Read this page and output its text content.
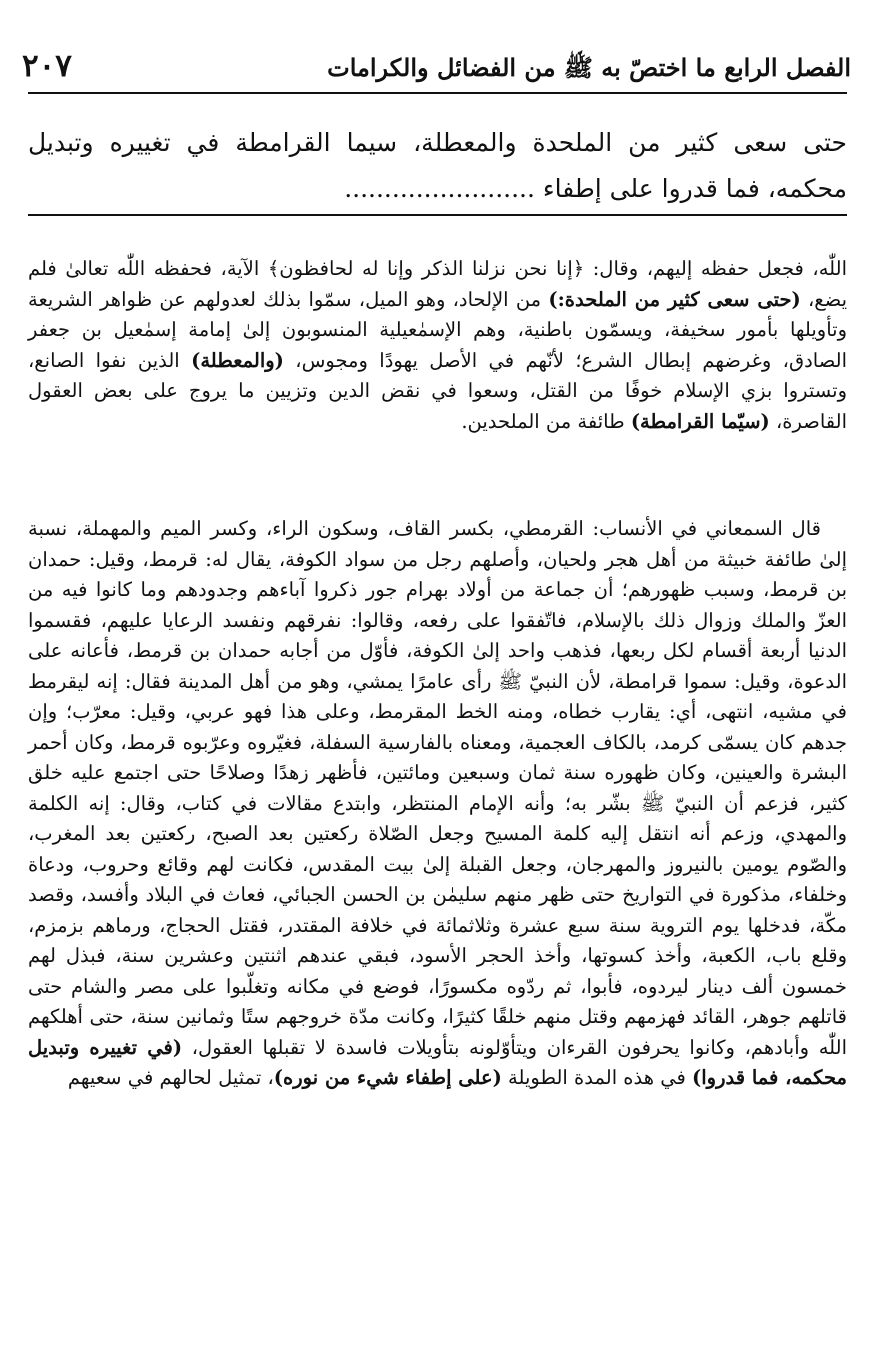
٢٠٧	الفصل الرابع ما اختصّ به ﷺ من الفضائل والكرامات

حتى سعى كثير من الملحدة والمعطلة، سيما القرامطة في تغييره وتبديل محكمه، فما قدروا على إطفاء ........................

اللّٰه، فجعل حفظه إليهم، وقال: ﴿إنا نحن نزلنا الذكر وإنا له لحافظون﴾ الآية، فحفظه اللّٰه تعالىٰ فلم يضع، (حتى سعى كثير من الملحدة:) من الإلحاد، وهو الميل، سمّوا بذلك لعدولهم عن ظواهر الشريعة وتأويلها بأمور سخيفة، ويسمّون باطنية، وهم الإسمٰعيلية المنسوبون إلىٰ إمامة إسمٰعيل بن جعفر الصادق، وغرضهم إبطال الشرع؛ لأنّهم في الأصل يهودًا ومجوس، (والمعطلة) الذين نفوا الصانع، وتستروا بزي الإسلام خوفًا من القتل، وسعوا في نقض الدين وتزيين ما يروج على بعض العقول القاصرة، (سيّما القرامطة) طائفة من الملحدين.

قال السمعاني في الأنساب: القرمطي، بكسر القاف، وسكون الراء، وكسر الميم والمهملة، نسبة إلىٰ طائفة خبيثة من أهل هجر ولحيان، وأصلهم رجل من سواد الكوفة، يقال له: قرمط، وقيل: حمدان بن قرمط، وسبب ظهورهم؛ أن جماعة من أولاد بهرام جور ذكروا آباءهم وجدودهم وما كانوا فيه من العزّ والملك وزوال ذلك بالإسلام، فاتّفقوا على رفعه، وقالوا: نفرقهم ونفسد الرعايا عليهم، فقسموا الدنيا أربعة أقسام لكل ربعها، فذهب واحد إلىٰ الكوفة، فأوّل من أجابه حمدان بن قرمط، فأعانه على الدعوة، وقيل: سموا قرامطة، لأن النبيّ ﷺ رأى عامرًا يمشي، وهو من أهل المدينة فقال: إنه ليقرمط في مشيه، انتهى، أي: يقارب خطاه، ومنه الخط المقرمط، وعلى هذا فهو عربي، وقيل: معرّب؛ وإن جدهم كان يسمّى كرمد، بالكاف العجمية، ومعناه بالفارسية السفلة، فغيّروه وعرّبوه قرمط، وكان أحمر البشرة والعينين، وكان ظهوره سنة ثمان وسبعين ومائتين، فأظهر زهدًا وصلاحًا حتى اجتمع عليه خلق كثير، فزعم أن النبيّ ﷺ بشّر به؛ وأنه الإمام المنتظر، وابتدع مقالات في كتاب، وقال: إنه الكلمة والمهدي، وزعم أنه انتقل إليه كلمة المسيح وجعل الصّلاة ركعتين بعد الصبح، ركعتين بعد المغرب، والصّوم يومين بالنيروز والمهرجان، وجعل القبلة إلىٰ بيت المقدس، فكانت لهم وقائع وحروب، ودعاة وخلفاء، مذكورة في التواريخ حتى ظهر منهم سليمٰن بن الحسن الجبائي، فعاث في البلاد وأفسد، وقصد مكّة، فدخلها يوم التروية سنة سبع عشرة وثلاثمائة في خلافة المقتدر، فقتل الحجاج، ورماهم بزمزم، وقلع باب، الكعبة، وأخذ كسوتها، وأخذ الحجر الأسود، فبقي عندهم اثنتين وعشرين سنة، فبذل لهم خمسون ألف دينار ليردوه، فأبوا، ثم ردّوه مكسورًا، فوضع في مكانه وتغلّبوا على مصر والشام حتى قاتلهم جوهر، القائد فهزمهم وقتل منهم خلقًا كثيرًا، وكانت مدّة خروجهم ستًا وثمانين سنة، حتى أهلكهم اللّٰه وأبادهم، وكانوا يحرفون القرءان ويتأوّلونه بتأويلات فاسدة لا تقبلها العقول، (في تغييره وتبديل محكمه، فما قدروا) في هذه المدة الطويلة (على إطفاء شيء من نوره)، تمثيل لحالهم في سعيهم
